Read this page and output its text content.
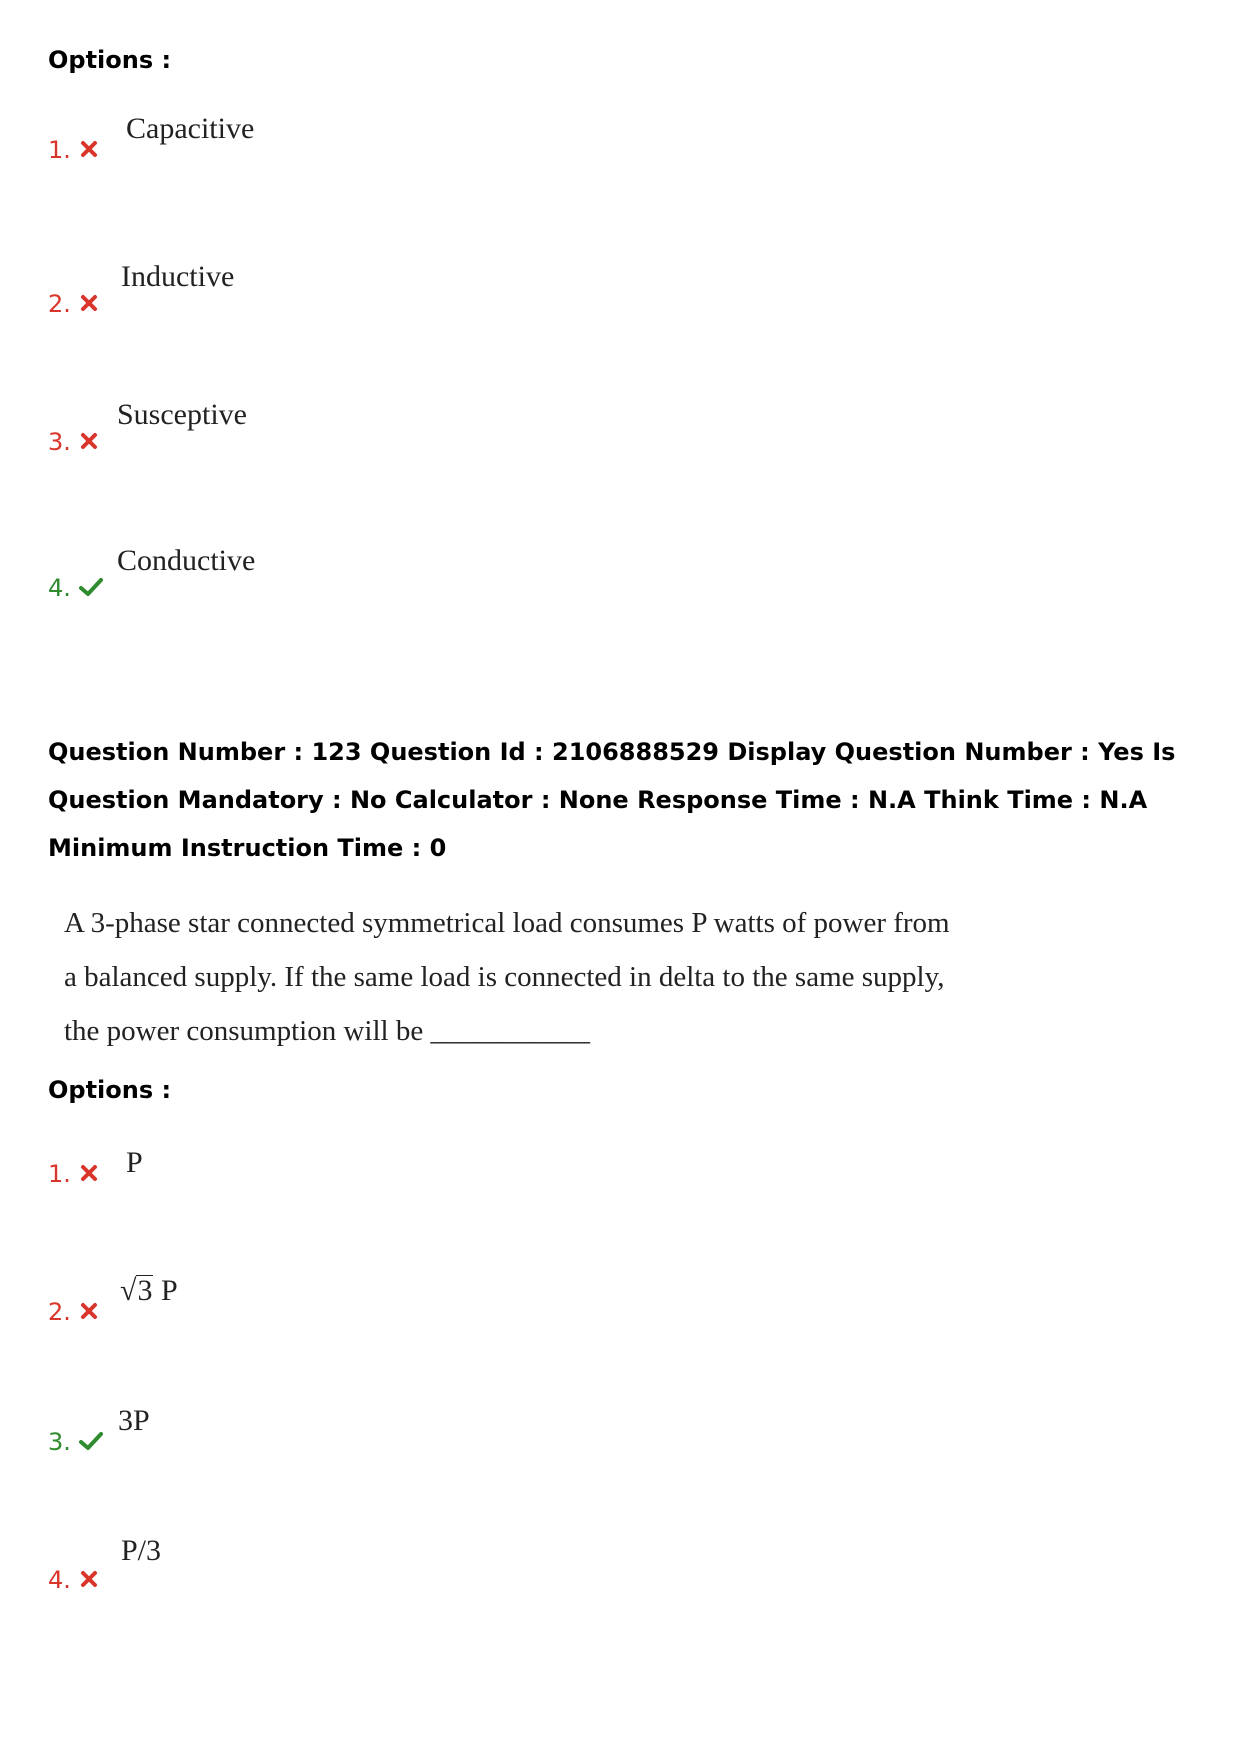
Options :
1.
Capacitive
2.
Inductive
3.
Susceptive
4.
Conductive
Question Number : 123 Question Id : 2106888529 Display Question Number : Yes Is Question Mandatory : No Calculator : None Response Time : N.A Think Time : N.A Minimum Instruction Time : 0
A 3-phase star connected symmetrical load consumes P watts of power from a balanced supply. If the same load is connected in delta to the same supply, the power consumption will be ___________
Options :
1. P
2.
√3 P
3.
3P
4.
P/3
